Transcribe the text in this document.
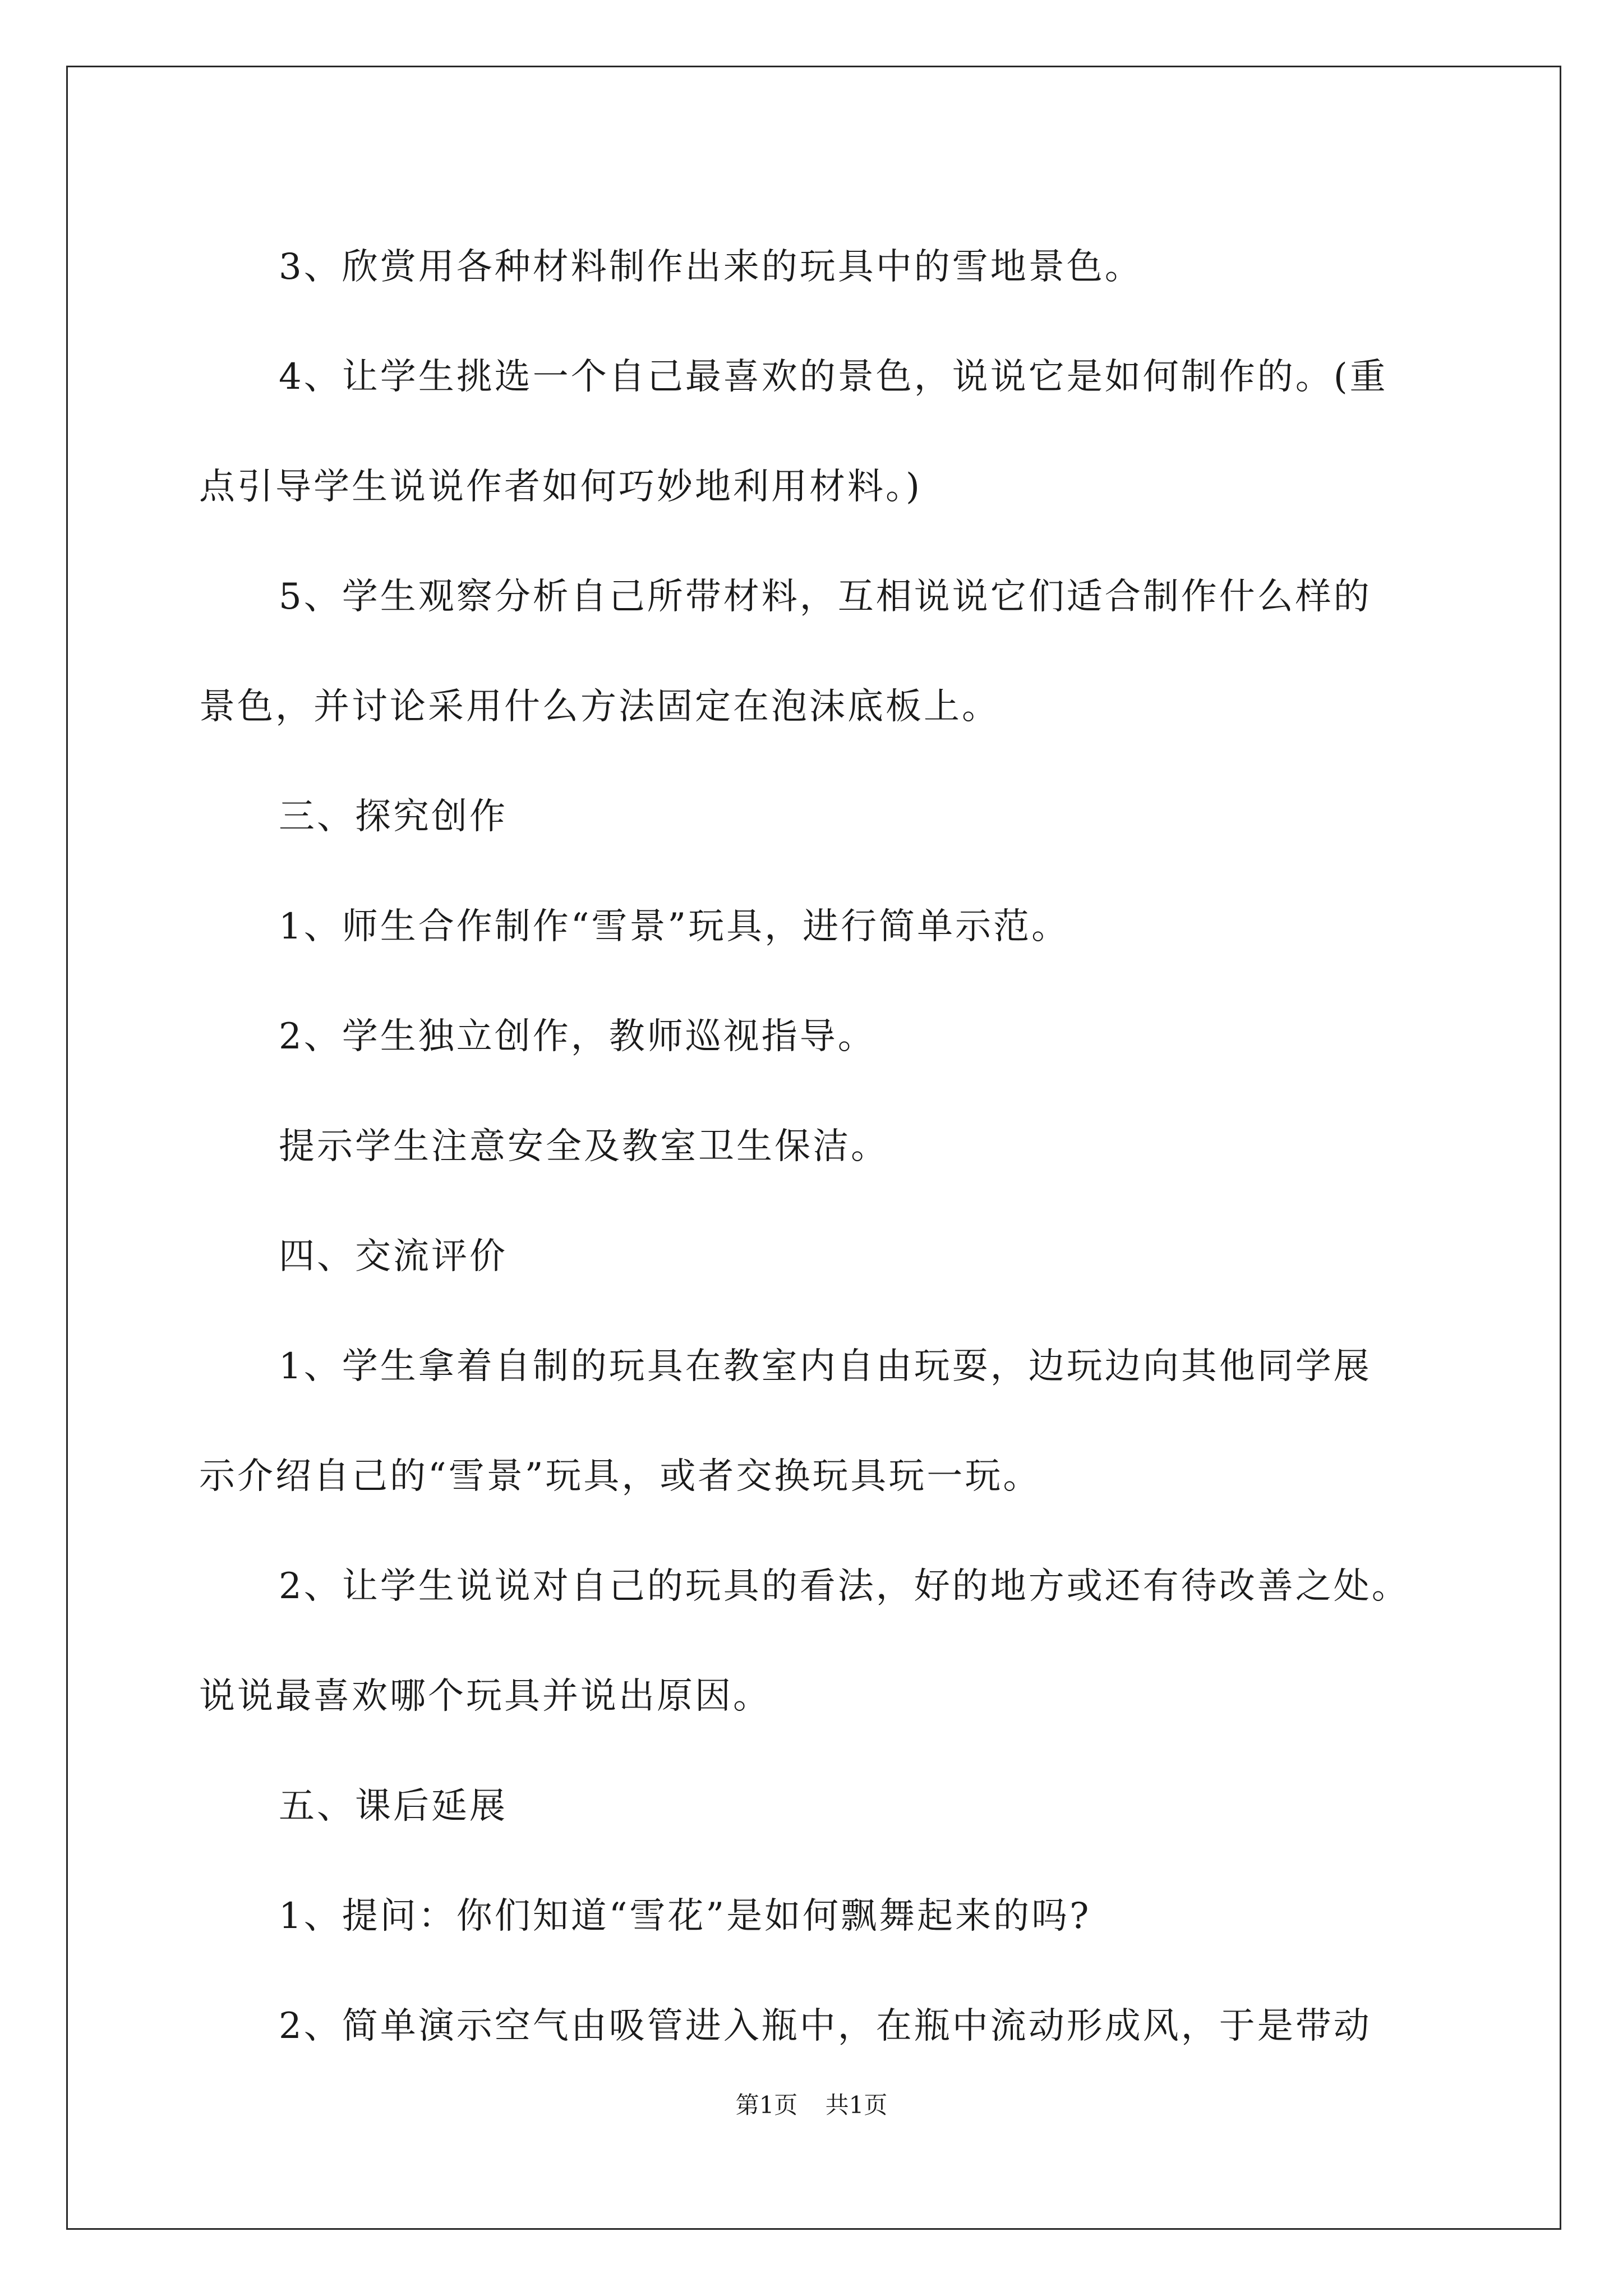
3、欣赏用各种材料制作出来的玩具中的雪地景色。

4、让学生挑选一个自己最喜欢的景色，说说它是如何制作的。(重

点引导学生说说作者如何巧妙地利用材料。)

5、学生观察分析自己所带材料，互相说说它们适合制作什么样的

景色，并讨论采用什么方法固定在泡沫底板上。

三、探究创作

1、师生合作制作“雪景”玩具，进行简单示范。

2、学生独立创作，教师巡视指导。

提示学生注意安全及教室卫生保洁。

四、交流评价

1、学生拿着自制的玩具在教室内自由玩耍，边玩边向其他同学展

示介绍自己的“雪景”玩具，或者交换玩具玩一玩。

2、让学生说说对自己的玩具的看法，好的地方或还有待改善之处。

说说最喜欢哪个玩具并说出原因。

五、课后延展

1、提问：你们知道“雪花”是如何飘舞起来的吗?

2、简单演示空气由吸管进入瓶中，在瓶中流动形成风，于是带动

第1页 共1页
